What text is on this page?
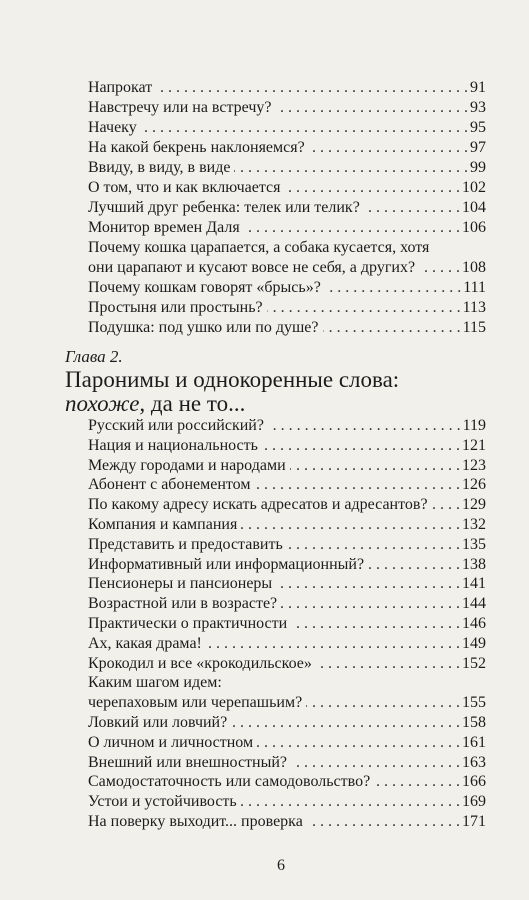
Напрокат . . .	91
Навстречу или на встречу? . . .	93
Начеку . . .	95
На какой бекрень наклоняемся? . . .	97
Ввиду, в виду, в виде . . .	99
О том, что и как включается . . .	102
Лучший друг ребенка: телек или телик? . . .	104
Монитор времен Даля . . .	106
Почему кошка царапается, а собака кусается, хотя
они царапают и кусают вовсе не себя, а других? . . .	108
Почему кошкам говорят «брысь»? . . .	111
Простыня или простынь? . . .	113
Подушка: под ушко или по душе? . . .	115
Глава 2.
Паронимы и однокоренные слова:
похоже, да не то...
Русский или российский? . . .	119
Нация и национальность . . .	121
Между городами и народами . . .	123
Абонент с абонементом . . .	126
По какому адресу искать адресатов и адресантов? . . . 129
Компания и кампания . . .	132
Представить и предоставить . . .	135
Информативный или информационный? . . .	138
Пенсионеры и пансионеры . . .	141
Возрастной или в возрасте? . . .	144
Практически о практичности . . .	146
Ах, какая драма! . . .	149
Крокодил и все «крокодильское» . . .	152
Каким шагом идем:
черепаховым или черепашьим? . . .	155
Ловкий или ловчий? . . .	158
О личном и личностном . . .	161
Внешний или внешностный? . . .	163
Самодостаточность или самодовольство? . . .	166
Устои и устойчивость . . .	169
На поверку выходит... проверка . . .	171
6
